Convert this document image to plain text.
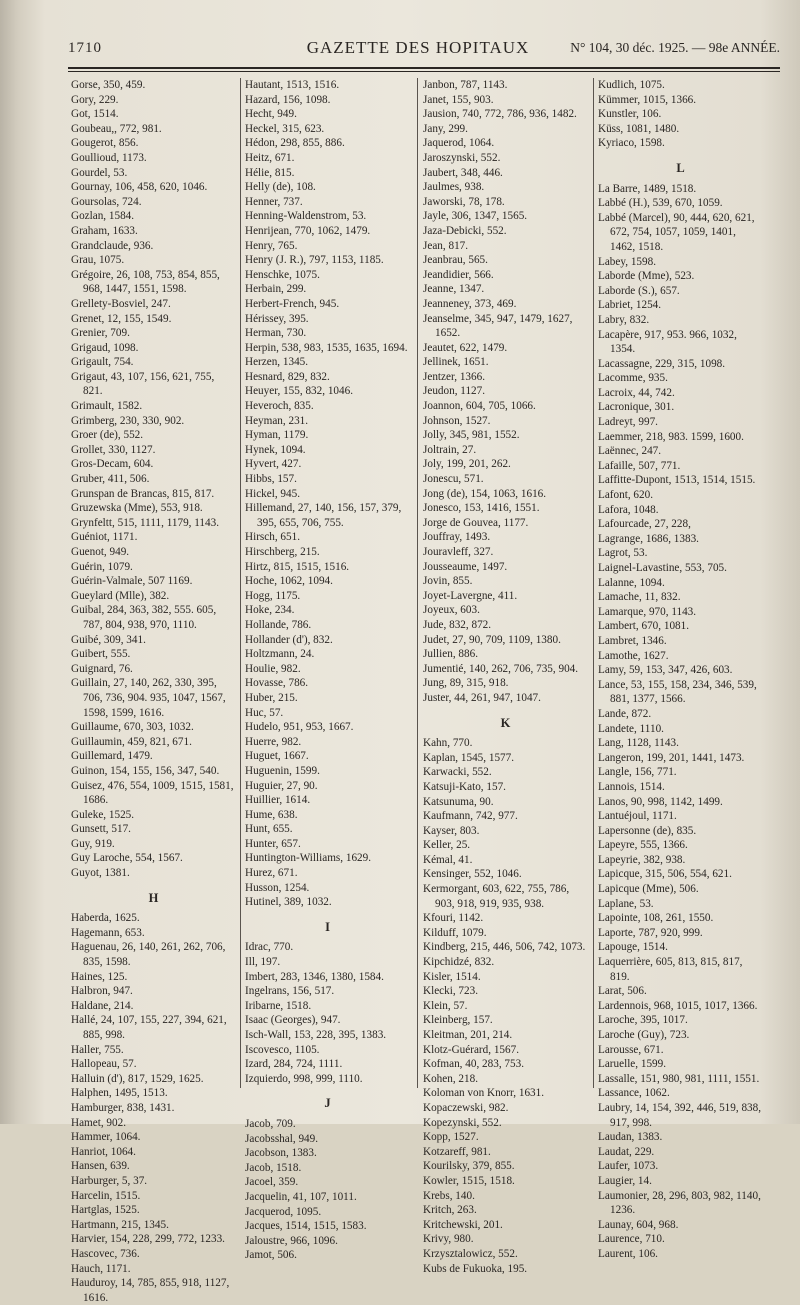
1710	GAZETTE DES HOPITAUX	N° 104, 30 déc. 1925. — 98e ANNÉE.

Gorse, 350, 459.

Gory, 229.

Got, 1514.

Goubeau,, 772, 981.

Gougerot, 856.

Goullioud, 1173.

Gourdel, 53.

Gournay, 106, 458, 620, 1046.

Goursolas, 724.

Gozlan, 1584.

Graham, 1633.

Grandclaude, 936.

Grau, 1075.

Grégoire, 26, 108, 753, 854, 855, 968, 1447, 1551, 1598.

Grellety-Bosviel, 247.

Grenet, 12, 155, 1549.

Grenier, 709.

Grigaud, 1098.

Grigault, 754.

Grigaut, 43, 107, 156, 621, 755, 821.

Grimault, 1582.

Grimberg, 230, 330, 902.

Groer (de), 552.

Grollet, 330, 1127.

Gros-Decam, 604.

Gruber, 411, 506.

Grunspan de Brancas, 815, 817.

Gruzewska (Mme), 553, 918.

Grynfeltt, 515, 1111, 1179, 1143.

Guéniot, 1171.

Guenot, 949.

Guérin, 1079.

Guérin-Valmale, 507 1169.

Gueylard (Mlle), 382.

Guibal, 284, 363, 382, 555. 605, 787, 804, 938, 970, 1110.

Guibé, 309, 341.

Guibert, 555.

Guignard, 76.

Guillain, 27, 140, 262, 330, 395, 706, 736, 904. 935, 1047, 1567, 1598, 1599, 1616.

Guillaume, 670, 303, 1032.

Guillaumin, 459, 821, 671.

Guillemard, 1479.

Guinon, 154, 155, 156, 347, 540.

Guisez, 476, 554, 1009, 1515, 1581, 1686.

Guleke, 1525.

Gunsett, 517.

Guy, 919.

Guy Laroche, 554, 1567.

Guyot, 1381.

H

Haberda, 1625.

Hagemann, 653.

Haguenau, 26, 140, 261, 262, 706, 835, 1598.

Haines, 125.

Halbron, 947.

Haldane, 214.

Hallé, 24, 107, 155, 227, 394, 621, 885, 998.

Haller, 755.

Hallopeau, 57.

Halluin (d'), 817, 1529, 1625.

Halphen, 1495, 1513.

Hamburger, 838, 1431.

Hamet, 902.

Hammer, 1064.

Hanriot, 1064.

Hansen, 639.

Harburger, 5, 37.

Harcelin, 1515.

Hartglas, 1525.

Hartmann, 215, 1345.

Harvier, 154, 228, 299, 772, 1233.

Hascovec, 736.

Hauch, 1171.

Hauduroy, 14, 785, 855, 918, 1127, 1616.

Hautant, 1513, 1516.

Hazard, 156, 1098.

Hecht, 949.

Heckel, 315, 623.

Hédon, 298, 855, 886.

Heitz, 671.

Hélie, 815.

Helly (de), 108.

Henner, 737.

Henning-Waldenstrom, 53.

Henrijean, 770, 1062, 1479.

Henry, 765.

Henry (J. R.), 797, 1153, 1185.

Henschke, 1075.

Herbain, 299.

Herbert-French, 945.

Hérissey, 395.

Herman, 730.

Herpin, 538, 983, 1535, 1635, 1694.

Herzen, 1345.

Hesnard, 829, 832.

Heuyer, 155, 832, 1046.

Heveroch, 835.

Heyman, 231.

Hyman, 1179.

Hynek, 1094.

Hyvert, 427.

Hibbs, 157.

Hickel, 945.

Hillemand, 27, 140, 156, 157, 379, 395, 655, 706, 755.

Hirsch, 651.

Hirschberg, 215.

Hirtz, 815, 1515, 1516.

Hoche, 1062, 1094.

Hogg, 1175.

Hoke, 234.

Hollande, 786.

Hollander (d'), 832.

Holtzmann, 24.

Houlie, 982.

Hovasse, 786.

Huber, 215.

Huc, 57.

Hudelo, 951, 953, 1667.

Huerre, 982.

Huguet, 1667.

Huguenin, 1599.

Huguier, 27, 90.

Huillier, 1614.

Hume, 638.

Hunt, 655.

Hunter, 657.

Huntington-Williams, 1629.

Hurez, 671.

Husson, 1254.

Hutinel, 389, 1032.

I

Idrac, 770.

Ill, 197.

Imbert, 283, 1346, 1380, 1584.

Ingelrans, 156, 517.

Iribarne, 1518.

Isaac (Georges), 947.

Isch-Wall, 153, 228, 395, 1383.

Iscovesco, 1105.

Izard, 284, 724, 1111.

Izquierdo, 998, 999, 1110.

J

Jacob, 709.

Jacobsshal, 949.

Jacobson, 1383.

Jacob, 1518.

Jacoel, 359.

Jacquelin, 41, 107, 1011.

Jacquerod, 1095.

Jacques, 1514, 1515, 1583.

Jaloustre, 966, 1096.

Jamot, 506.

Janbon, 787, 1143.

Janet, 155, 903.

Jausion, 740, 772, 786, 936, 1482.

Jany, 299.

Jaquerod, 1064.

Jaroszynski, 552.

Jaubert, 348, 446.

Jaulmes, 938.

Jaworski, 78, 178.

Jayle, 306, 1347, 1565.

Jaza-Debicki, 552.

Jean, 817.

Jeanbrau, 565.

Jeandidier, 566.

Jeanne, 1347.

Jeanneney, 373, 469.

Jeanselme, 345, 947, 1479, 1627, 1652.

Jeautet, 622, 1479.

Jellinek, 1651.

Jentzer, 1366.

Jeudon, 1127.

Joannon, 604, 705, 1066.

Johnson, 1527.

Jolly, 345, 981, 1552.

Joltrain, 27.

Joly, 199, 201, 262.

Jonescu, 571.

Jong (de), 154, 1063, 1616.

Jonesco, 153, 1416, 1551.

Jorge de Gouvea, 1177.

Jouffray, 1493.

Jouravleff, 327.

Jousseaume, 1497.

Jovin, 855.

Joyet-Lavergne, 411.

Joyeux, 603.

Jude, 832, 872.

Judet, 27, 90, 709, 1109, 1380.

Jullien, 886.

Jumentié, 140, 262, 706, 735, 904.

Jung, 89, 315, 918.

Juster, 44, 261, 947, 1047.

K

Kahn, 770.

Kaplan, 1545, 1577.

Karwacki, 552.

Katsuji-Kato, 157.

Katsunuma, 90.

Kaufmann, 742, 977.

Kayser, 803.

Keller, 25.

Kémal, 41.

Kensinger, 552, 1046.

Kermorgant, 603, 622, 755, 786, 903, 918, 919, 935, 938.

Kfouri, 1142.

Kilduff, 1079.

Kindberg, 215, 446, 506, 742, 1073.

Kipchidzé, 832.

Kisler, 1514.

Klecki, 723.

Klein, 57.

Kleinberg, 157.

Kleitman, 201, 214.

Klotz-Guérard, 1567.

Kofman, 40, 283, 753.

Kohen, 218.

Koloman von Knorr, 1631.

Kopaczewski, 982.

Kopezynski, 552.

Kopp, 1527.

Kotzareff, 981.

Kourilsky, 379, 855.

Kowler, 1515, 1518.

Krebs, 140.

Kritch, 263.

Kritchewski, 201.

Krivy, 980.

Krzysztalowicz, 552.

Kubs de Fukuoka, 195.

Kudlich, 1075.

Kümmer, 1015, 1366.

Kunstler, 106.

Küss, 1081, 1480.

Kyriaco, 1598.

L

La Barre, 1489, 1518.

Labbé (H.), 539, 670, 1059.

Labbé (Marcel), 90, 444, 620, 621, 672, 754, 1057, 1059, 1401, 1462, 1518.

Labey, 1598.

Laborde (Mme), 523.

Laborde (S.), 657.

Labriet, 1254.

Labry, 832.

Lacapère, 917, 953. 966, 1032, 1354.

Lacassagne, 229, 315, 1098.

Lacomme, 935.

Lacroix, 44, 742.

Lacronique, 301.

Ladreyt, 997.

Laemmer, 218, 983. 1599, 1600.

Laënnec, 247.

Lafaille, 507, 771.

Laffitte-Dupont, 1513, 1514, 1515.

Lafont, 620.

Lafora, 1048.

Lafourcade, 27, 228,

Lagrange, 1686, 1383.

Lagrot, 53.

Laignel-Lavastine, 553, 705.

Lalanne, 1094.

Lamache, 11, 832.

Lamarque, 970, 1143.

Lambert, 670, 1081.

Lambret, 1346.

Lamothe, 1627.

Lamy, 59, 153, 347, 426, 603.

Lance, 53, 155, 158, 234, 346, 539, 881, 1377, 1566.

Lande, 872.

Landete, 1110.

Lang, 1128, 1143.

Langeron, 199, 201, 1441, 1473.

Langle, 156, 771.

Lannois, 1514.

Lanos, 90, 998, 1142, 1499.

Lantuéjoul, 1171.

Lapersonne (de), 835.

Lapeyre, 555, 1366.

Lapeyrie, 382, 938.

Lapicque, 315, 506, 554, 621.

Lapicque (Mme), 506.

Laplane, 53.

Lapointe, 108, 261, 1550.

Laporte, 787, 920, 999.

Lapouge, 1514.

Laquerrière, 605, 813, 815, 817, 819.

Larat, 506.

Lardennois, 968, 1015, 1017, 1366.

Laroche, 395, 1017.

Laroche (Guy), 723.

Larousse, 671.

Laruelle, 1599.

Lassalle, 151, 980, 981, 1111, 1551.

Lassance, 1062.

Laubry, 14, 154, 392, 446, 519, 838, 917, 998.

Laudan, 1383.

Laudat, 229.

Laufer, 1073.

Laugier, 14.

Laumonier, 28, 296, 803, 982, 1140, 1236.

Launay, 604, 968.

Laurence, 710.

Laurent, 106.
